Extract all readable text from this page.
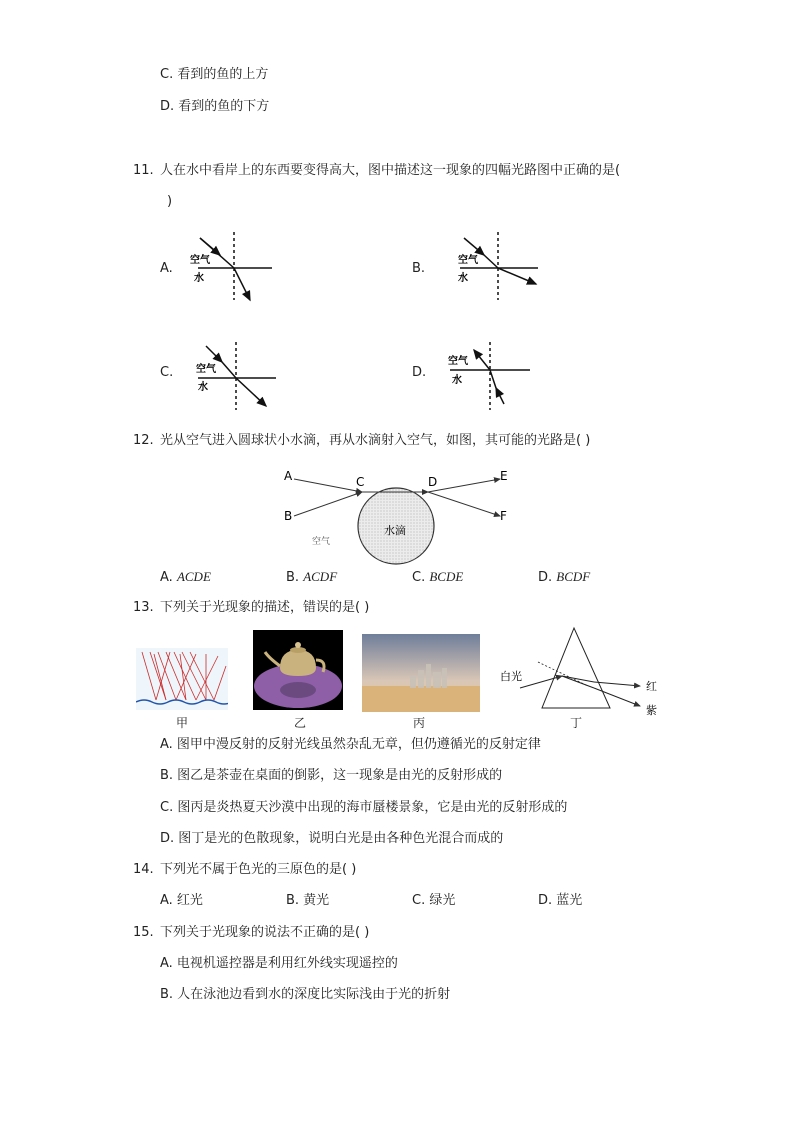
C. 看到的鱼的上方
D. 看到的鱼的下方
11. 人在水中看岸上的东西要变得高大，图中描述这一现象的四幅光路图中正确的是(
)
A.	B.
C.	D.
空气
水
空气
水
空气
水
空气
水
12. 光从空气进入圆球状小水滴，再从水滴射入空气，如图，其可能的光路是( )
A
B
C	D	E
F
水滴
空气
A. ACDE	B. ACDF	C. BCDE	D. BCDF
13. 下列关于光现象的描述，错误的是( )
甲	乙	丙
白光
红
紫
丁
A. 图甲中漫反射的反射光线虽然杂乱无章，但仍遵循光的反射定律
B. 图乙是茶壶在桌面的倒影，这一现象是由光的反射形成的
C. 图丙是炎热夏天沙漠中出现的海市蜃楼景象，它是由光的反射形成的
D. 图丁是光的色散现象，说明白光是由各种色光混合而成的
14. 下列光不属于色光的三原色的是( )
A. 红光	B. 黄光	C. 绿光	D. 蓝光
15. 下列关于光现象的说法不正确的是( )
A. 电视机遥控器是利用红外线实现遥控的
B. 人在泳池边看到水的深度比实际浅由于光的折射
